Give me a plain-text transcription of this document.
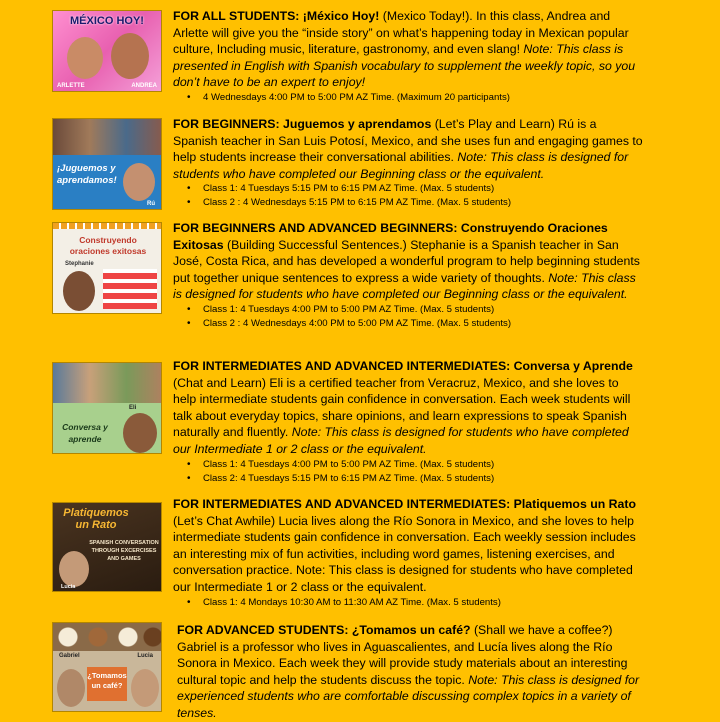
MÉXICO HOY!
ARLETTE	ANDREA
FOR ALL STUDENTS: ¡México Hoy! (Mexico Today!). In this class, Andrea and Arlette will give you the “inside story” on what’s happening today in Mexican popular culture, Including music, literature, gastronomy, and even slang! Note: This class is presented in English with Spanish vocabulary to supplement the weekly topic, so you don’t have to be an expert to enjoy!
• 4 Wednesdays 4:00 PM to 5:00 PM AZ Time. (Maximum 20 participants)
¡Juguemos y aprendamos!
Rú
FOR BEGINNERS: Juguemos y aprendamos (Let’s Play and Learn) Rú is a Spanish teacher in San Luis Potosí, Mexico, and she uses fun and engaging games to help students increase their conversational abilities. Note: This class is designed for students who have completed our Beginning class or the equivalent.
• Class 1: 4 Tuesdays 5:15 PM to 6:15 PM AZ Time. (Max. 5 students)
• Class 2 : 4 Wednesdays 5:15 PM to 6:15 PM AZ Time. (Max. 5 students)
Construyendo oraciones exitosas
Stephanie
FOR BEGINNERS AND ADVANCED BEGINNERS: Construyendo Oraciones Exitosas (Building Successful Sentences.) Stephanie is a Spanish teacher in San José, Costa Rica, and has developed a wonderful program to help beginning students put together unique sentences to express a wide variety of thoughts. Note: This class is designed for students who have completed our Beginning class or the equivalent.
• Class 1: 4 Tuesdays 4:00 PM to 5:00 PM AZ Time. (Max. 5 students)
• Class 2 : 4 Wednesdays 4:00 PM to 5:00 PM AZ Time. (Max. 5 students)
Conversa y aprende
Eli
FOR INTERMEDIATES AND ADVANCED INTERMEDIATES: Conversa y Aprende (Chat and Learn) Eli is a certified teacher from Veracruz, Mexico, and she loves to help intermediate students gain confidence in conversation. Each week students will talk about everyday topics, share opinions, and learn expressions to speak Spanish naturally and fluently. Note: This class is designed for students who have completed our Intermediate 1 or 2 class or the equivalent.
• Class 1: 4 Tuesdays 4:00 PM to 5:00 PM AZ Time. (Max. 5 students)
• Class 2: 4 Tuesdays 5:15 PM to 6:15 PM AZ Time. (Max. 5 students)
Platiquemos un Rato
SPANISH CONVERSATION THROUGH EXCERCISES AND GAMES
Lucia
FOR INTERMEDIATES AND ADVANCED INTERMEDIATES: Platiquemos un Rato (Let’s Chat Awhile) Lucia lives along the Río Sonora in Mexico, and she loves to help intermediate students gain confidence in conversation. Each weekly session includes an interesting mix of fun activities, including word games, listening exercises, and conversation practice. Note: This class is designed for students who have completed our Intermediate 1 or 2 class or the equivalent.
• Class 1: 4 Mondays 10:30 AM to 11:30 AM AZ Time. (Max. 5 students)
Gabriel	Lucia
¿Tomamos un café?
FOR ADVANCED STUDENTS: ¿Tomamos un café? (Shall we have a coffee?) Gabriel is a professor who lives in Aguascalientes, and Lucía lives along the Río Sonora in Mexico. Each week they will provide study materials about an interesting cultural topic and help the students discuss the topic. Note: This class is designed for experienced students who are comfortable discussing complex topics in a variety of tenses.
